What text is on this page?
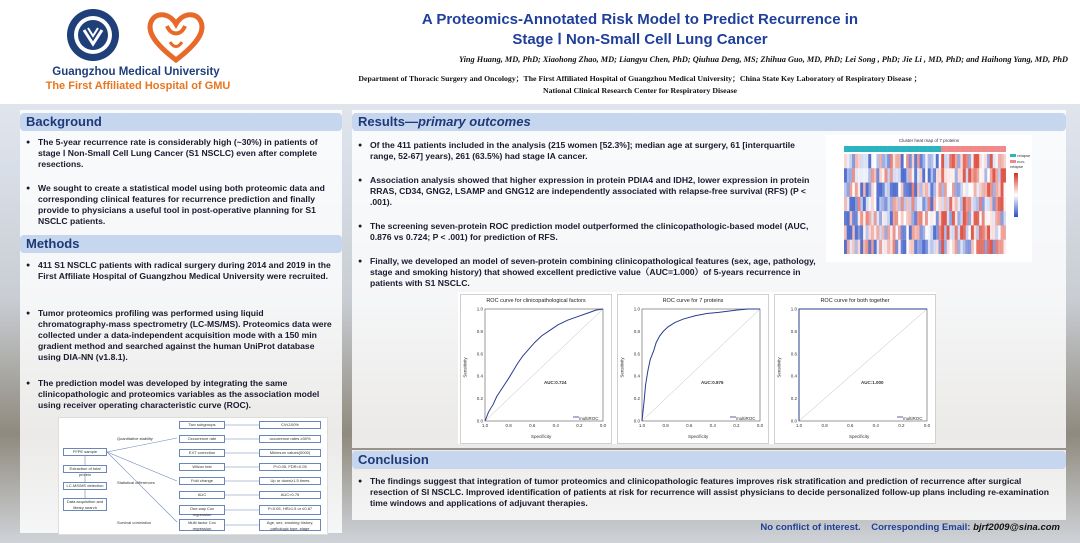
Guangzhou Medical University
The First Affiliated Hospital of GMU
A Proteomics-Annotated Risk Model to Predict Recurrence in
Stage Ⅰ Non-Small Cell Lung Cancer
Ying Huang, MD, PhD; Xiaohong Zhao, MD; Liangyu Chen, PhD; Qiuhua Deng, MS; Zhihua Guo, MD, PhD; Lei Song , PhD; Jie Li , MD, PhD; and Haihong Yang, MD, PhD
Department of Thoracic Surgery and Oncology；The First Affiliated Hospital of Guangzhou Medical University；China State Key Laboratory of Respiratory Disease ；
National Clinical Research Center for Respiratory Disease
Background
● The 5-year recurrence rate is considerably high (~30%) in patients of stage Ⅰ Non-Small Cell Lung Cancer (S1 NSCLC) even after complete resections.
● We sought to create a statistical model using both proteomic data and corresponding clinical features for recurrence prediction and finally provide to physicians a useful tool in post-operative planning for S1 NSCLC patients.
Methods
● 411 S1 NSCLC patients with radical surgery during 2014 and 2019 in the First Affiliate Hospital of Guangzhou Medical University were recruited.
● Tumor proteomics profiling was performed using liquid chromatography-mass spectrometry (LC-MS/MS). Proteomics data were collected under a data-independent acquisition mode with a 150 min gradient method and searched against the human UniProt database using DIA-NN (v1.8.1).
● The prediction model was developed by integrating the same clinicopathologic and proteomics variables as the association model using receiver operating characteristic curve (ROC).
FFPE sample
Extraction of total protein
LC-MS/MS detection
Data acquisition and library search
Quantitative stability
Statistical differences
Survival correlation
Two subgroups
Occurrence rate
EXT correction
Wilcox test
Fold change
AUC
One-way Cox regression
Multi factor Cox regression
CV≤100%
occurrence rates ≥30%
Minimum values(0000)
P<0.05, FDR<0.05
Up or down≥1.5 times
AUC>0.75
P<0.05, HR≥1.5 or ≤0.67
Age, sex, smoking history, pathologic type, stage
Results—primary outcomes
● Of the 411 patients included in the analysis (215 women [52.3%]; median age at surgery, 61 [interquartile range, 52-67] years), 261 (63.5%) had stage IA cancer.
● Association analysis showed that higher expression in protein PDIA4 and IDH2, lower expression in protein RRAS, CD34, GNG2, LSAMP and GNG12 are independently associated with relapse-free survival (RFS) (P < .001).
● The screening seven-protein ROC prediction model outperformed the clinicopathologic-based model (AUC, 0.876 vs 0.724; P < .001) for prediction of RFS.
● Finally, we developed an model of seven-protein combining clinicopathological features (sex, age, pathology, stage and smoking history) that showed excellent predictive value（AUC=1.000）of 5-years recurrence in patients with S1 NSCLC.
Cluster heat map of 7 proteins
relapse
non-relapse
ROC curve for clinicopathological factors
1.0	0.8	0.6	0.4	0.2	0.0
0.0
0.2
0.4
0.6
0.8
1.0
Specificity
Sensitivity
AUC:0.724
multiROC
ROC curve for 7 proteins
1.0	0.8	0.6	0.4	0.2	0.0
0.0
0.2
0.4
0.6
0.8
1.0
Specificity
Sensitivity
AUC:0.876
multiROC
ROC curve for both together
1.0	0.8	0.6	0.4	0.2	0.0
0.0
0.2
0.4
0.6
0.8
1.0
Specificity
Sensitivity
AUC:1.000
multiROC
Conclusion
● The findings suggest that integration of tumor proteomics and clinicopathologic features improves risk stratification and prediction of recurrence after surgical resection of SI NSCLC. Improved identification of patients at risk for recurrence will assist physicians to decide personalized follow-up plans including re-examination time windows and applications of adjuvant therapies.
No conflict of interest. Corresponding Email: bjrf2009@sina.com
